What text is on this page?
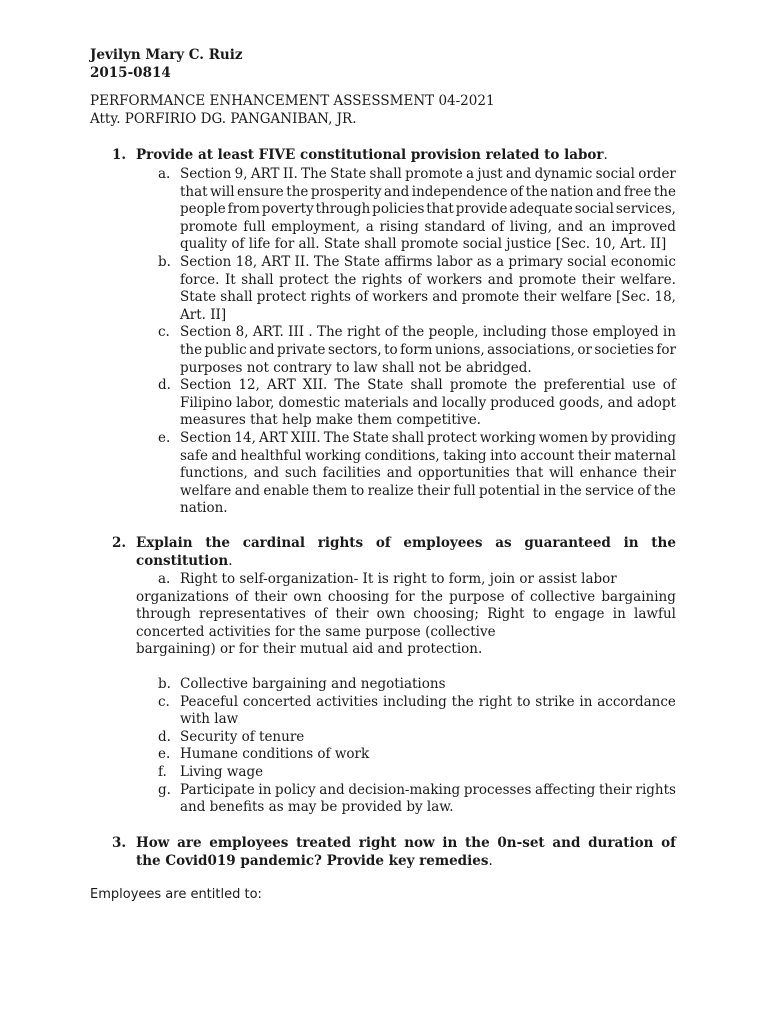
Jevilyn Mary C. Ruiz
2015-0814
PERFORMANCE ENHANCEMENT ASSESSMENT 04-2021
Atty. PORFIRIO DG. PANGANIBAN, JR.
1. Provide at least FIVE constitutional provision related to labor.
a. Section 9, ART II. The State shall promote a just and dynamic social order
that will ensure the prosperity and independence of the nation and free the
people from poverty through policies that provide adequate social services,
promote full employment, a rising standard of living, and an improved
quality of life for all. State shall promote social justice [Sec. 10, Art. II]
b. Section 18, ART II. The State affirms labor as a primary social economic
force. It shall protect the rights of workers and promote their welfare.
State shall protect rights of workers and promote their welfare [Sec. 18,
Art. II]
c. Section 8, ART. III . The right of the people, including those employed in
the public and private sectors, to form unions, associations, or societies for
purposes not contrary to law shall not be abridged.
d. Section 12, ART XII. The State shall promote the preferential use of
Filipino labor, domestic materials and locally produced goods, and adopt
measures that help make them competitive.
e. Section 14, ART XIII. The State shall protect working women by providing
safe and healthful working conditions, taking into account their maternal
functions, and such facilities and opportunities that will enhance their
welfare and enable them to realize their full potential in the service of the
nation.
2. Explain the cardinal rights of employees as guaranteed in the
constitution.
a. Right to self-organization- It is right to form, join or assist labor
organizations of their own choosing for the purpose of collective bargaining
through representatives of their own choosing; Right to engage in lawful
concerted activities for the same purpose (collective
bargaining) or for their mutual aid and protection.
b. Collective bargaining and negotiations
c. Peaceful concerted activities including the right to strike in accordance
with law
d. Security of tenure
e. Humane conditions of work
f. Living wage
g. Participate in policy and decision-making processes affecting their rights
and benefits as may be provided by law.
3. How are employees treated right now in the 0n-set and duration of
the Covid019 pandemic? Provide key remedies.
Employees are entitled to:
